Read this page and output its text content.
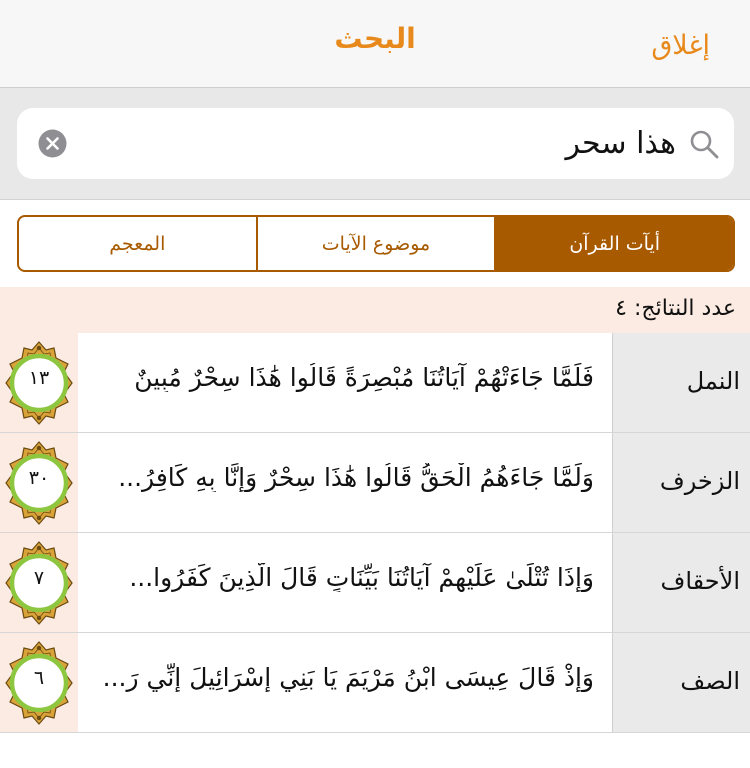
البحث	إغلاق
هذا سحر
أيآت القرآن
موضوع الآيات
المعجم
عدد النتائج: ٤
النمل
فَلَمَّا جَاءَتْهُمْ آيَاتُنَا مُبْصِرَةً قَالُوا هَٰذَا سِحْرٌ مُبِينٌ
١٣
الزخرف
وَلَمَّا جَاءَهُمُ الْحَقُّ قَالُوا هَٰذَا سِحْرٌ وَإِنَّا بِهِ كَافِرُ...
٣٠
الأحقاف
وَإِذَا تُتْلَىٰ عَلَيْهِمْ آيَاتُنَا بَيِّنَاتٍ قَالَ الَّذِينَ كَفَرُوا...
٧
الصف
وَإِذْ قَالَ عِيسَى ابْنُ مَرْيَمَ يَا بَنِي إِسْرَائِيلَ إِنِّي رَ...
٦
